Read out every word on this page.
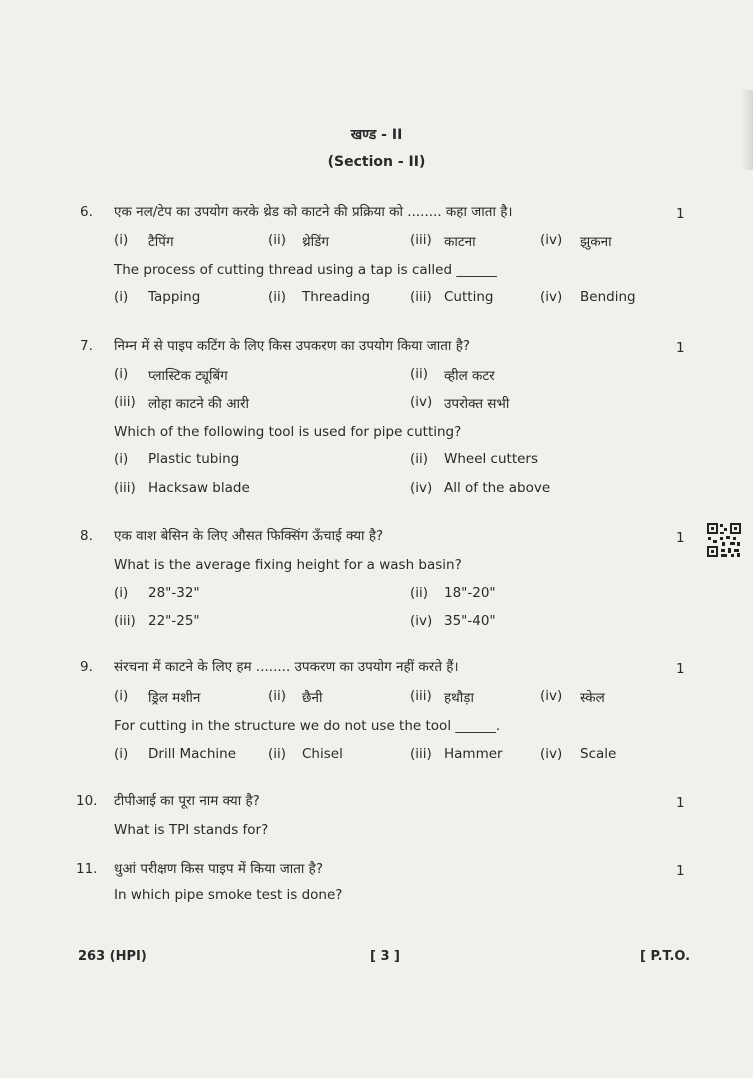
खण्ड - II
(Section - II)
6. एक नल/टेप का उपयोग करके थ्रेड को काटने की प्रक्रिया को ........ कहा जाता है।	1
(i) टैपिंग	(ii) थ्रेडिंग	(iii) काटना	(iv) झुकना
The process of cutting thread using a tap is called ______
(i) Tapping	(ii) Threading	(iii) Cutting	(iv) Bending
7. निम्न में से पाइप कटिंग के लिए किस उपकरण का उपयोग किया जाता है?	1
(i) प्लास्टिक ट्यूबिंग	(ii) व्हील कटर
(iii) लोहा काटने की आरी	(iv) उपरोक्त सभी
Which of the following tool is used for pipe cutting?
(i) Plastic tubing	(ii) Wheel cutters
(iii) Hacksaw blade	(iv) All of the above
8. एक वाश बेसिन के लिए औसत फिक्सिंग ऊँचाई क्या है?	1
What is the average fixing height for a wash basin?
(i) 28"-32"	(ii) 18"-20"
(iii) 22"-25"	(iv) 35"-40"
9. संरचना में काटने के लिए हम ........ उपकरण का उपयोग नहीं करते हैं।	1
(i) ड्रिल मशीन	(ii) छैनी	(iii) हथौड़ा	(iv) स्केल
For cutting in the structure we do not use the tool ______.
(i) Drill Machine (ii) Chisel	(iii) Hammer	(iv) Scale
10. टीपीआई का पूरा नाम क्या है?	1
What is TPI stands for?
11. धुआं परीक्षण किस पाइप में किया जाता है?	1
In which pipe smoke test is done?
263 (HPI)	[ 3 ]	[ P.T.O.
